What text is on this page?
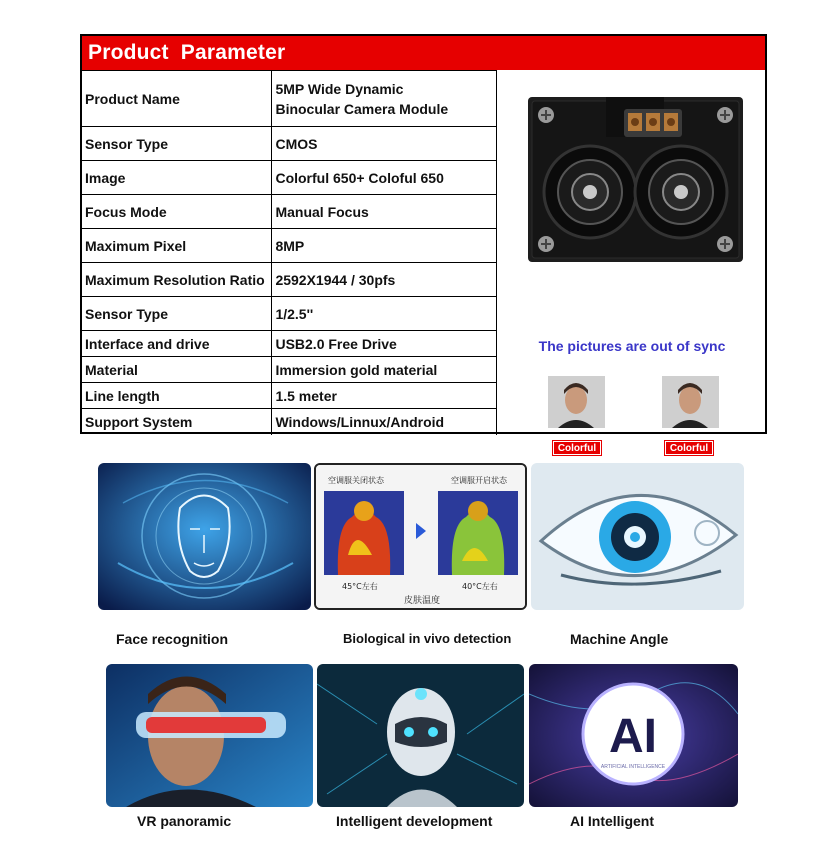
Product  Parameter
Product Name	5MP Wide Dynamic
Binocular Camera Module
Sensor Type	CMOS
Image	Colorful 650+ Coloful 650
Focus Mode	Manual Focus
Maximum Pixel	8MP
Maximum Resolution Ratio	2592X1944 / 30pfs
Sensor Type	1/2.5''
Interface and drive	USB2.0 Free Drive
Material	Immersion gold material
Line length	1.5 meter
Support System	Windows/Linnux/Android
The pictures are out of sync
Colorful	Colorful
空调服关闭状态	空调服开启状态
45°C左右	40°C左右
皮肤温度
Face recognition	Biological in vivo detection	Machine Angle
AI
ARTIFICIAL INTELLIGENCE
VR panoramic	Intelligent development	AI Intelligent
